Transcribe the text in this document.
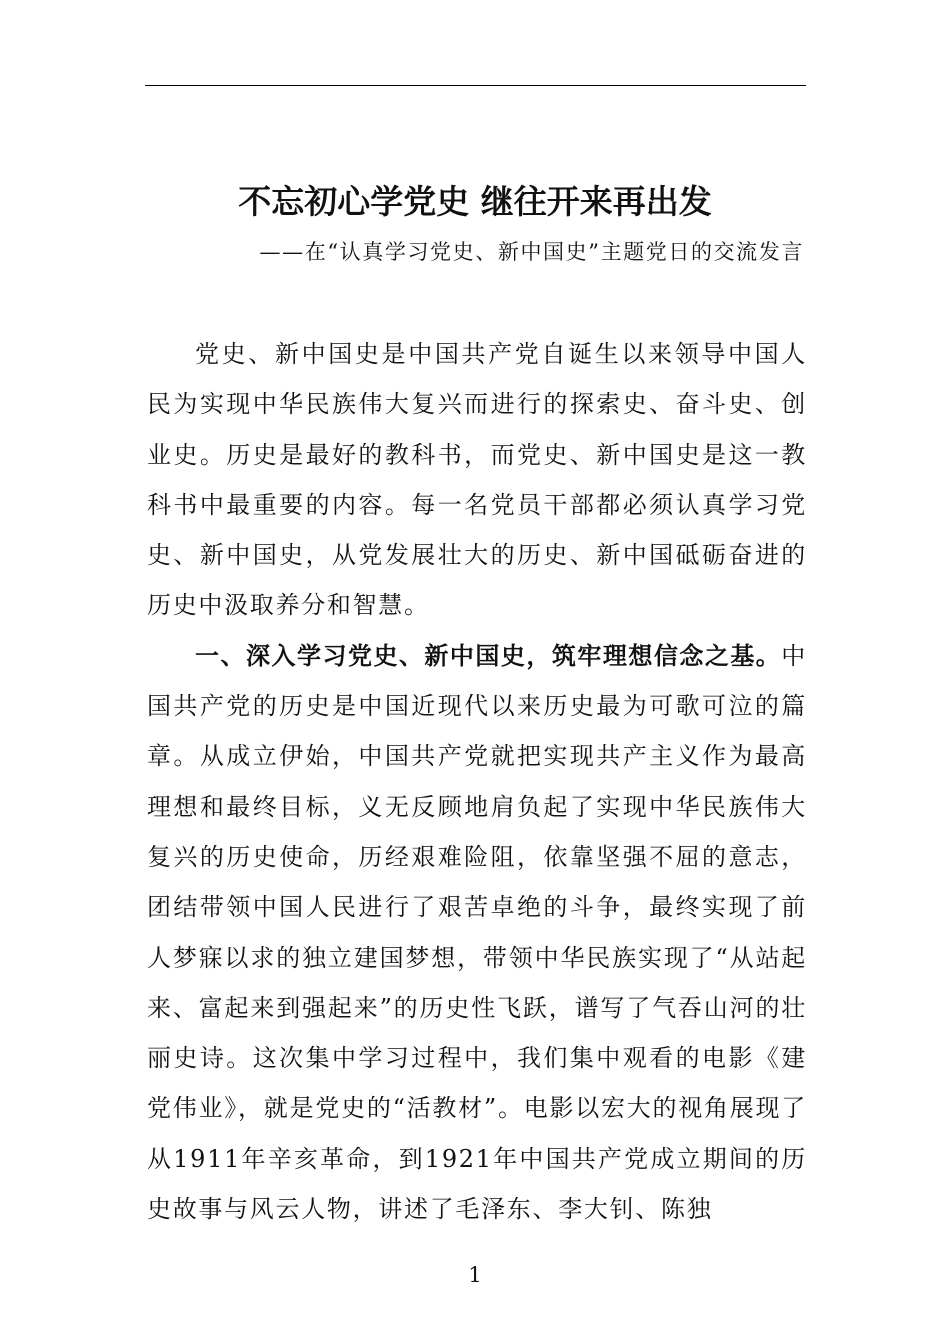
不忘初心学党史 继往开来再出发
——在“认真学习党史、新中国史”主题党日的交流发言

党史、新中国史是中国共产党自诞生以来领导中国人民为实现中华民族伟大复兴而进行的探索史、奋斗史、创业史。历史是最好的教科书，而党史、新中国史是这一教科书中最重要的内容。每一名党员干部都必须认真学习党史、新中国史，从党发展壮大的历史、新中国砥砺奋进的历史中汲取养分和智慧。

一、深入学习党史、新中国史，筑牢理想信念之基。中国共产党的历史是中国近现代以来历史最为可歌可泣的篇章。从成立伊始，中国共产党就把实现共产主义作为最高理想和最终目标，义无反顾地肩负起了实现中华民族伟大复兴的历史使命，历经艰难险阻，依靠坚强不屈的意志，团结带领中国人民进行了艰苦卓绝的斗争，最终实现了前人梦寐以求的独立建国梦想，带领中华民族实现了“从站起来、富起来到强起来”的历史性飞跃，谱写了气吞山河的壮丽史诗。这次集中学习过程中，我们集中观看的电影《建党伟业》，就是党史的“活教材”。电影以宏大的视角展现了从1911年辛亥革命，到1921年中国共产党成立期间的历史故事与风云人物，讲述了毛泽东、李大钊、陈独

1
